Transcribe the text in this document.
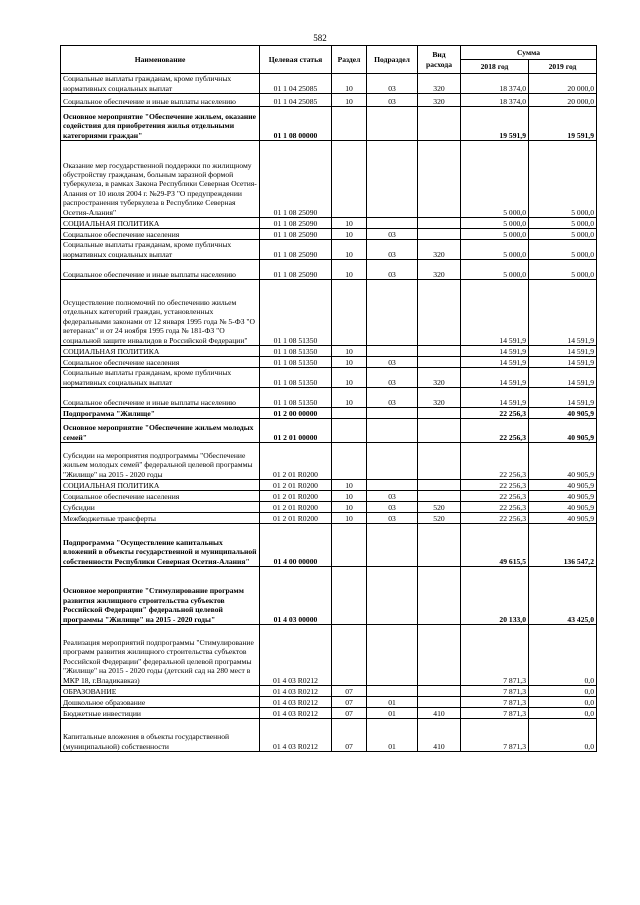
582
Наименование	Целевая статья	Раздел	Подраздел	Вид расхода	Сумма	
					2018 год	2019 год
Социальные выплаты гражданам, кроме публичных нормативных социальных выплат	01 1 04 25085	10	03	320	18 374,0	20 000,0
Социальное обеспечение и иные выплаты населению	01 1 04 25085	10	03	320	18 374,0	20 000,0
Основное мероприятие "Обеспечение жильем, оказание содействия для приобретения жилья отдельными категориями граждан"	01 1 08 00000				19 591,9	19 591,9
Оказание мер государственной поддержки по жилищному обустройству гражданам, больным заразной формой туберкулеза, в рамках Закона Республики Северная Осетия-Алания от 10 июля 2004 г. №29-РЗ "О предупреждении распространения туберкулеза в Республике Северная Осетия-Алания"	01 1 08 25090				5 000,0	5 000,0
СОЦИАЛЬНАЯ ПОЛИТИКА	01 1 08 25090	10			5 000,0	5 000,0
Социальное обеспечение населения	01 1 08 25090	10	03		5 000,0	5 000,0
Социальные выплаты гражданам, кроме публичных нормативных социальных выплат	01 1 08 25090	10	03	320	5 000,0	5 000,0
Социальное обеспечение и иные выплаты населению	01 1 08 25090	10	03	320	5 000,0	5 000,0
Осуществление полномочий по обеспечению жильем отдельных категорий граждан, установленных федеральными законами от 12 января 1995 года № 5-ФЗ "О ветеранах" и от 24 ноября 1995 года № 181-ФЗ "О социальной защите инвалидов в Российской Федерации"	01 1 08 51350				14 591,9	14 591,9
СОЦИАЛЬНАЯ ПОЛИТИКА	01 1 08 51350	10			14 591,9	14 591,9
Социальное обеспечение населения	01 1 08 51350	10	03		14 591,9	14 591,9
Социальные выплаты гражданам, кроме публичных нормативных социальных выплат	01 1 08 51350	10	03	320	14 591,9	14 591,9
Социальное обеспечение и иные выплаты населению	01 1 08 51350	10	03	320	14 591,9	14 591,9
Подпрограмма "Жилище"	01 2 00 00000				22 256,3	40 905,9
Основное мероприятие "Обеспечение жильем молодых семей"	01 2 01 00000				22 256,3	40 905,9
Субсидии на мероприятия подпрограммы "Обеспечение жильем молодых семей" федеральной целевой программы "Жилище" на 2015 - 2020 годы	01 2 01 R0200				22 256,3	40 905,9
СОЦИАЛЬНАЯ ПОЛИТИКА	01 2 01 R0200	10			22 256,3	40 905,9
Социальное обеспечение населения	01 2 01 R0200	10	03		22 256,3	40 905,9
Субсидии	01 2 01 R0200	10	03	520	22 256,3	40 905,9
Межбюджетные трансферты	01 2 01 R0200	10	03	520	22 256,3	40 905,9
Подпрограмма "Осуществление капитальных вложений в объекты государственной и муниципальной собственности Республики Северная Осетия-Алания"	01 4 00 00000				49 615,5	136 547,2
Основное мероприятие "Стимулирование программ развития жилищного строительства субъектов Российской Федерации" федеральной целевой программы "Жилище" на 2015 - 2020 годы"	01 4 03 00000				20 133,0	43 425,0
Реализация мероприятий подпрограммы "Стимулирование программ развития жилищного строительства субъектов Российской Федерации" федеральной целевой программы "Жилище" на 2015 - 2020 годы (детский сад на 280 мест в МКР 18, г.Владикавказ)	01 4 03 R0212				7 871,3	0,0
ОБРАЗОВАНИЕ	01 4 03 R0212	07			7 871,3	0,0
Дошкольное образование	01 4 03 R0212	07	01		7 871,3	0,0
Бюджетные инвестиции	01 4 03 R0212	07	01	410	7 871,3	0,0
Капитальные вложения в объекты государственной (муниципальной) собственности	01 4 03 R0212	07	01	410	7 871,3	0,0
